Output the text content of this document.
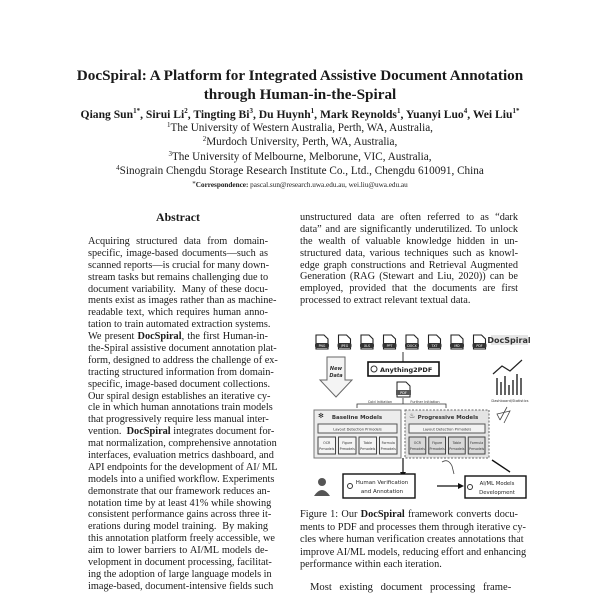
DocSpiral: A Platform for Integrated Assistive Document Annotation
through Human-in-the-Spiral
Qiang Sun$^{1*}$, Sirui Li$^2$, Tingting Bi$^3$, Du Huynh$^1$, Mark Reynolds$^1$, Yuanyi Luo$^4$, Wei Liu$^{1*}$
$^1$The University of Western Australia, Perth, WA, Australia,
$^2$Murdoch University, Perth, WA, Australia,
$^3$The University of Melbourne, Melborune, VIC, Australia,
$^4$Sinograin Chengdu Storage Research Institute Co., Ltd., Chengdu 610091, China
*Correspondence: pascal.sun@research.uwa.edu.au, wei.liu@uwa.edu.au
Abstract
Acquiring structured data from domain-
specific, image-based documents—such as
scanned reports—is crucial for many down-
stream tasks but remains challenging due to
document variability.  Many of these docu-
ments exist as images rather than as machine-
readable text, which requires human anno-
tation to train automated extraction systems.
We present DocSpiral , the first Human-in-
the-Spiral assistive document annotation plat-
form, designed to address the challenge of ex-
tracting structured information from domain-
specific, image-based document collections.
Our spiral design establishes an iterative cy-
cle in which human annotations train models
that progressively require less manual inter-
vention. DocSpiral integrates document for-
mat normalization, comprehensive annotation
interfaces, evaluation metrics dashboard, and
API endpoints for the development of AI/ ML
models into a unified workflow. Experiments
demonstrate that our framework reduces an-
notation time by at least 41% while showing
consistent performance gains across three it-
erations during model training.  By making
this annotation platform freely accessible, we
aim to lower barriers to AI/ML models de-
velopment in document processing, facilitat-
ing the adoption of large language models in
image-based, document-intensive fields such
unstructured data are often referred to as “dark
data” and are significantly underutilized. To unlock
the wealth of valuable knowledge hidden in un-
structured data, various techniques such as knowl-
edge graph constructions and Retrieval Augmented
Generation (RAG (Stewart and Liu, 2020)) can be
employed, provided that the documents are first
processed to extract relevant textual data.
PNG	JPEG	XLS	PPT	DOCX	TXT	MD	PDF
DocSpiral
Anything2PDF
New
Data
PDF
Dashboard/Statistics
Cold Initiation	Further Initiation
✻ Baseline Models	♨ Progressive Models
Layout Detection Prmodels
OCR
Prmodels
Figure
Prmodels
Table
Prmodels
Formula
Prmodels
Layout Detection Prmodels
OCR
Prmodels
Figure
Prmodels
Table
Prmodels
Formula
Prmodels
Human Verification
and Annotation
AI/ML Models
Development
Figure 1: Our DocSpiral framework converts docu-
ments to PDF and processes them through iterative cy-
cles where human verification creates annotations that
improve AI/ML models, reducing effort and enhancing
performance within each iteration.
Most existing document processing frame-
